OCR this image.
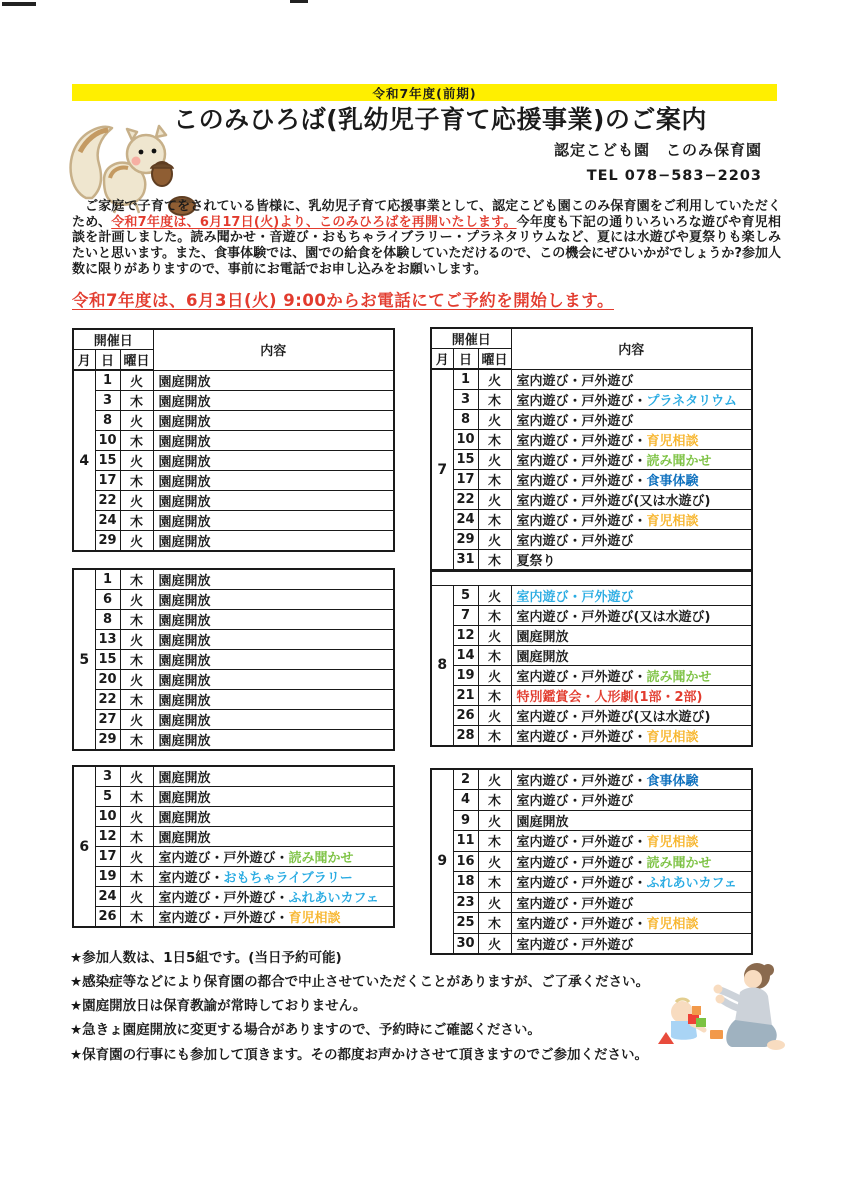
令和7年度(前期)
このみひろば(乳幼児子育て応援事業)のご案内
認定こども園　このみ保育園
TEL 078−583−2203
　ご家庭で子育てをされている皆様に、乳幼児子育て応援事業として、認定こども園このみ保育園をご利用していただくため、令和7年度は、6月17日(火)より、このみひろばを再開いたします。今年度も下記の通りいろいろな遊びや育児相談を計画しました。読み聞かせ・音遊び・おもちゃライブラリー・プラネタリウムなど、夏には水遊びや夏祭りも楽しみたいと思います。また、食事体験では、園での給食を体験していただけるので、この機会にぜひいかがでしょうか?参加人数に限りがありますので、事前にお電話でお申し込みをお願いします。
令和7年度は、6月3日(火) 9:00からお電話にてご予約を開始します。
開催日			内容
月	日	曜日	
4	1	火	園庭開放
	3	木	園庭開放
	8	火	園庭開放
	10	木	園庭開放
	15	火	園庭開放
	17	木	園庭開放
	22	火	園庭開放
	24	木	園庭開放
	29	火	園庭開放
開催日			内容
月	日	曜日	
7	1	火	室内遊び・戸外遊び
	3	木	室内遊び・戸外遊び・プラネタリウム
	8	火	室内遊び・戸外遊び
	10	木	室内遊び・戸外遊び・育児相談
	15	火	室内遊び・戸外遊び・読み聞かせ
	17	木	室内遊び・戸外遊び・食事体験
	22	火	室内遊び・戸外遊び(又は水遊び)
	24	木	室内遊び・戸外遊び・育児相談
	29	火	室内遊び・戸外遊び
	31	木	夏祭り
5	1	木	園庭開放
	6	火	園庭開放
	8	木	園庭開放
	13	火	園庭開放
	15	木	園庭開放
	20	火	園庭開放
	22	木	園庭開放
	27	火	園庭開放
	29	木	園庭開放

8	5	火	室内遊び・戸外遊び
	7	木	室内遊び・戸外遊び(又は水遊び)
	12	火	園庭開放
	14	木	園庭開放
	19	火	室内遊び・戸外遊び・読み聞かせ
	21	木	特別鑑賞会・人形劇(1部・2部)
	26	火	室内遊び・戸外遊び(又は水遊び)
	28	木	室内遊び・戸外遊び・育児相談
6	3	火	園庭開放
	5	木	園庭開放
	10	火	園庭開放
	12	木	園庭開放
	17	火	室内遊び・戸外遊び・読み聞かせ
	19	木	室内遊び・おもちゃライブラリー
	24	火	室内遊び・戸外遊び・ふれあいカフェ
	26	木	室内遊び・戸外遊び・育児相談
9	2	火	室内遊び・戸外遊び・食事体験
	4	木	室内遊び・戸外遊び
	9	火	園庭開放
	11	木	室内遊び・戸外遊び・育児相談
	16	火	室内遊び・戸外遊び・読み聞かせ
	18	木	室内遊び・戸外遊び・ふれあいカフェ
	23	火	室内遊び・戸外遊び
	25	木	室内遊び・戸外遊び・育児相談
	30	火	室内遊び・戸外遊び
★参加人数は、1日5組です。(当日予約可能)
★感染症等などにより保育園の都合で中止させていただくことがありますが、ご了承ください。
★園庭開放日は保育教諭が常時しておりません。
★急きょ園庭開放に変更する場合がありますので、予約時にご確認ください。
★保育園の行事にも参加して頂きます。その都度お声かけさせて頂きますのでご参加ください。
